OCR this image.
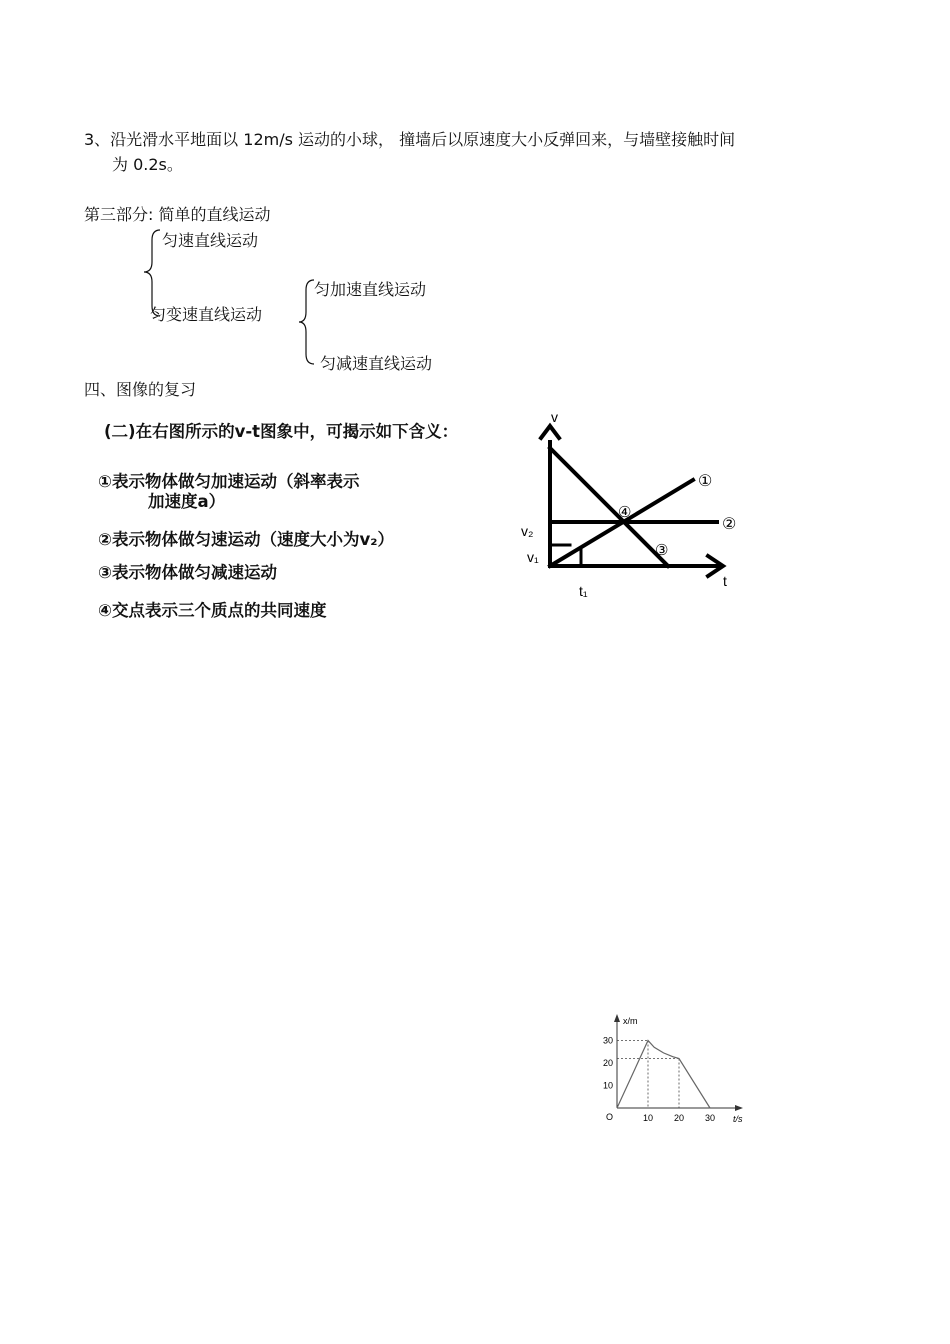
3、沿光滑水平地面以 12m/s 运动的小球， 撞墙后以原速度大小反弹回来，与墙壁接触时间
为 0.2s。
第三部分: 简单的直线运动
匀速直线运动
匀变速直线运动
匀加速直线运动
匀减速直线运动
四、图像的复习
(二)在右图所示的v-t图象中，可揭示如下含义：
①表示物体做匀加速运动（斜率表示
加速度a）
②表示物体做匀速运动（速度大小为v₂）
③表示物体做匀减速运动
④交点表示三个质点的共同速度
v
t
v₂
v₁
t₁
①
②
③
④
10 20 30
10
20
30
x/m
t/s
O
